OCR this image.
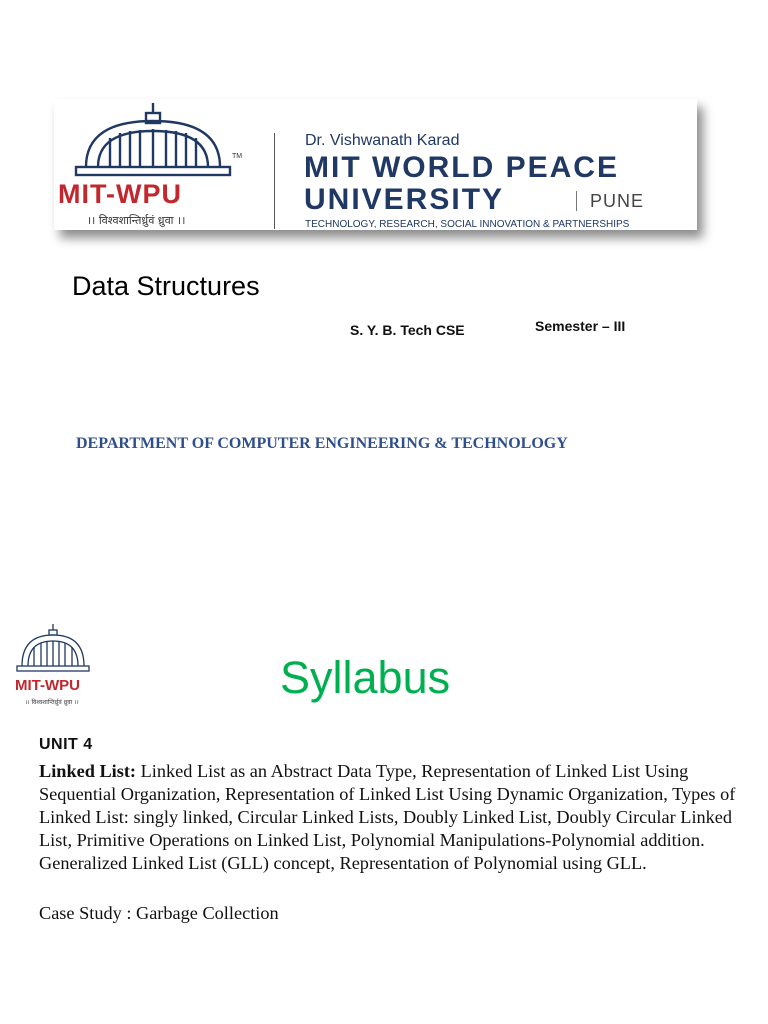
TM
MIT-WPU
।। विश्वशान्तिर्ध्रुवं ध्रुवा ।।
Dr. Vishwanath Karad
MIT WORLD PEACE
UNIVERSITY	PUNE
TECHNOLOGY, RESEARCH, SOCIAL INNOVATION & PARTNERSHIPS
Data Structures
S. Y. B. Tech CSE	Semester – III
DEPARTMENT OF COMPUTER ENGINEERING & TECHNOLOGY
MIT-WPU
।। विश्वशान्तिर्ध्रुवं ध्रुवा ।।	Syllabus
UNIT 4
Linked List: Linked List as an Abstract Data Type, Representation of Linked List Using Sequential Organization, Representation of Linked List Using Dynamic Organization, Types of Linked List: singly linked, Circular Linked Lists, Doubly Linked List, Doubly Circular Linked List, Primitive Operations on Linked List, Polynomial Manipulations-Polynomial addition. Generalized Linked List (GLL) concept, Representation of Polynomial using GLL.
Case Study : Garbage Collection
